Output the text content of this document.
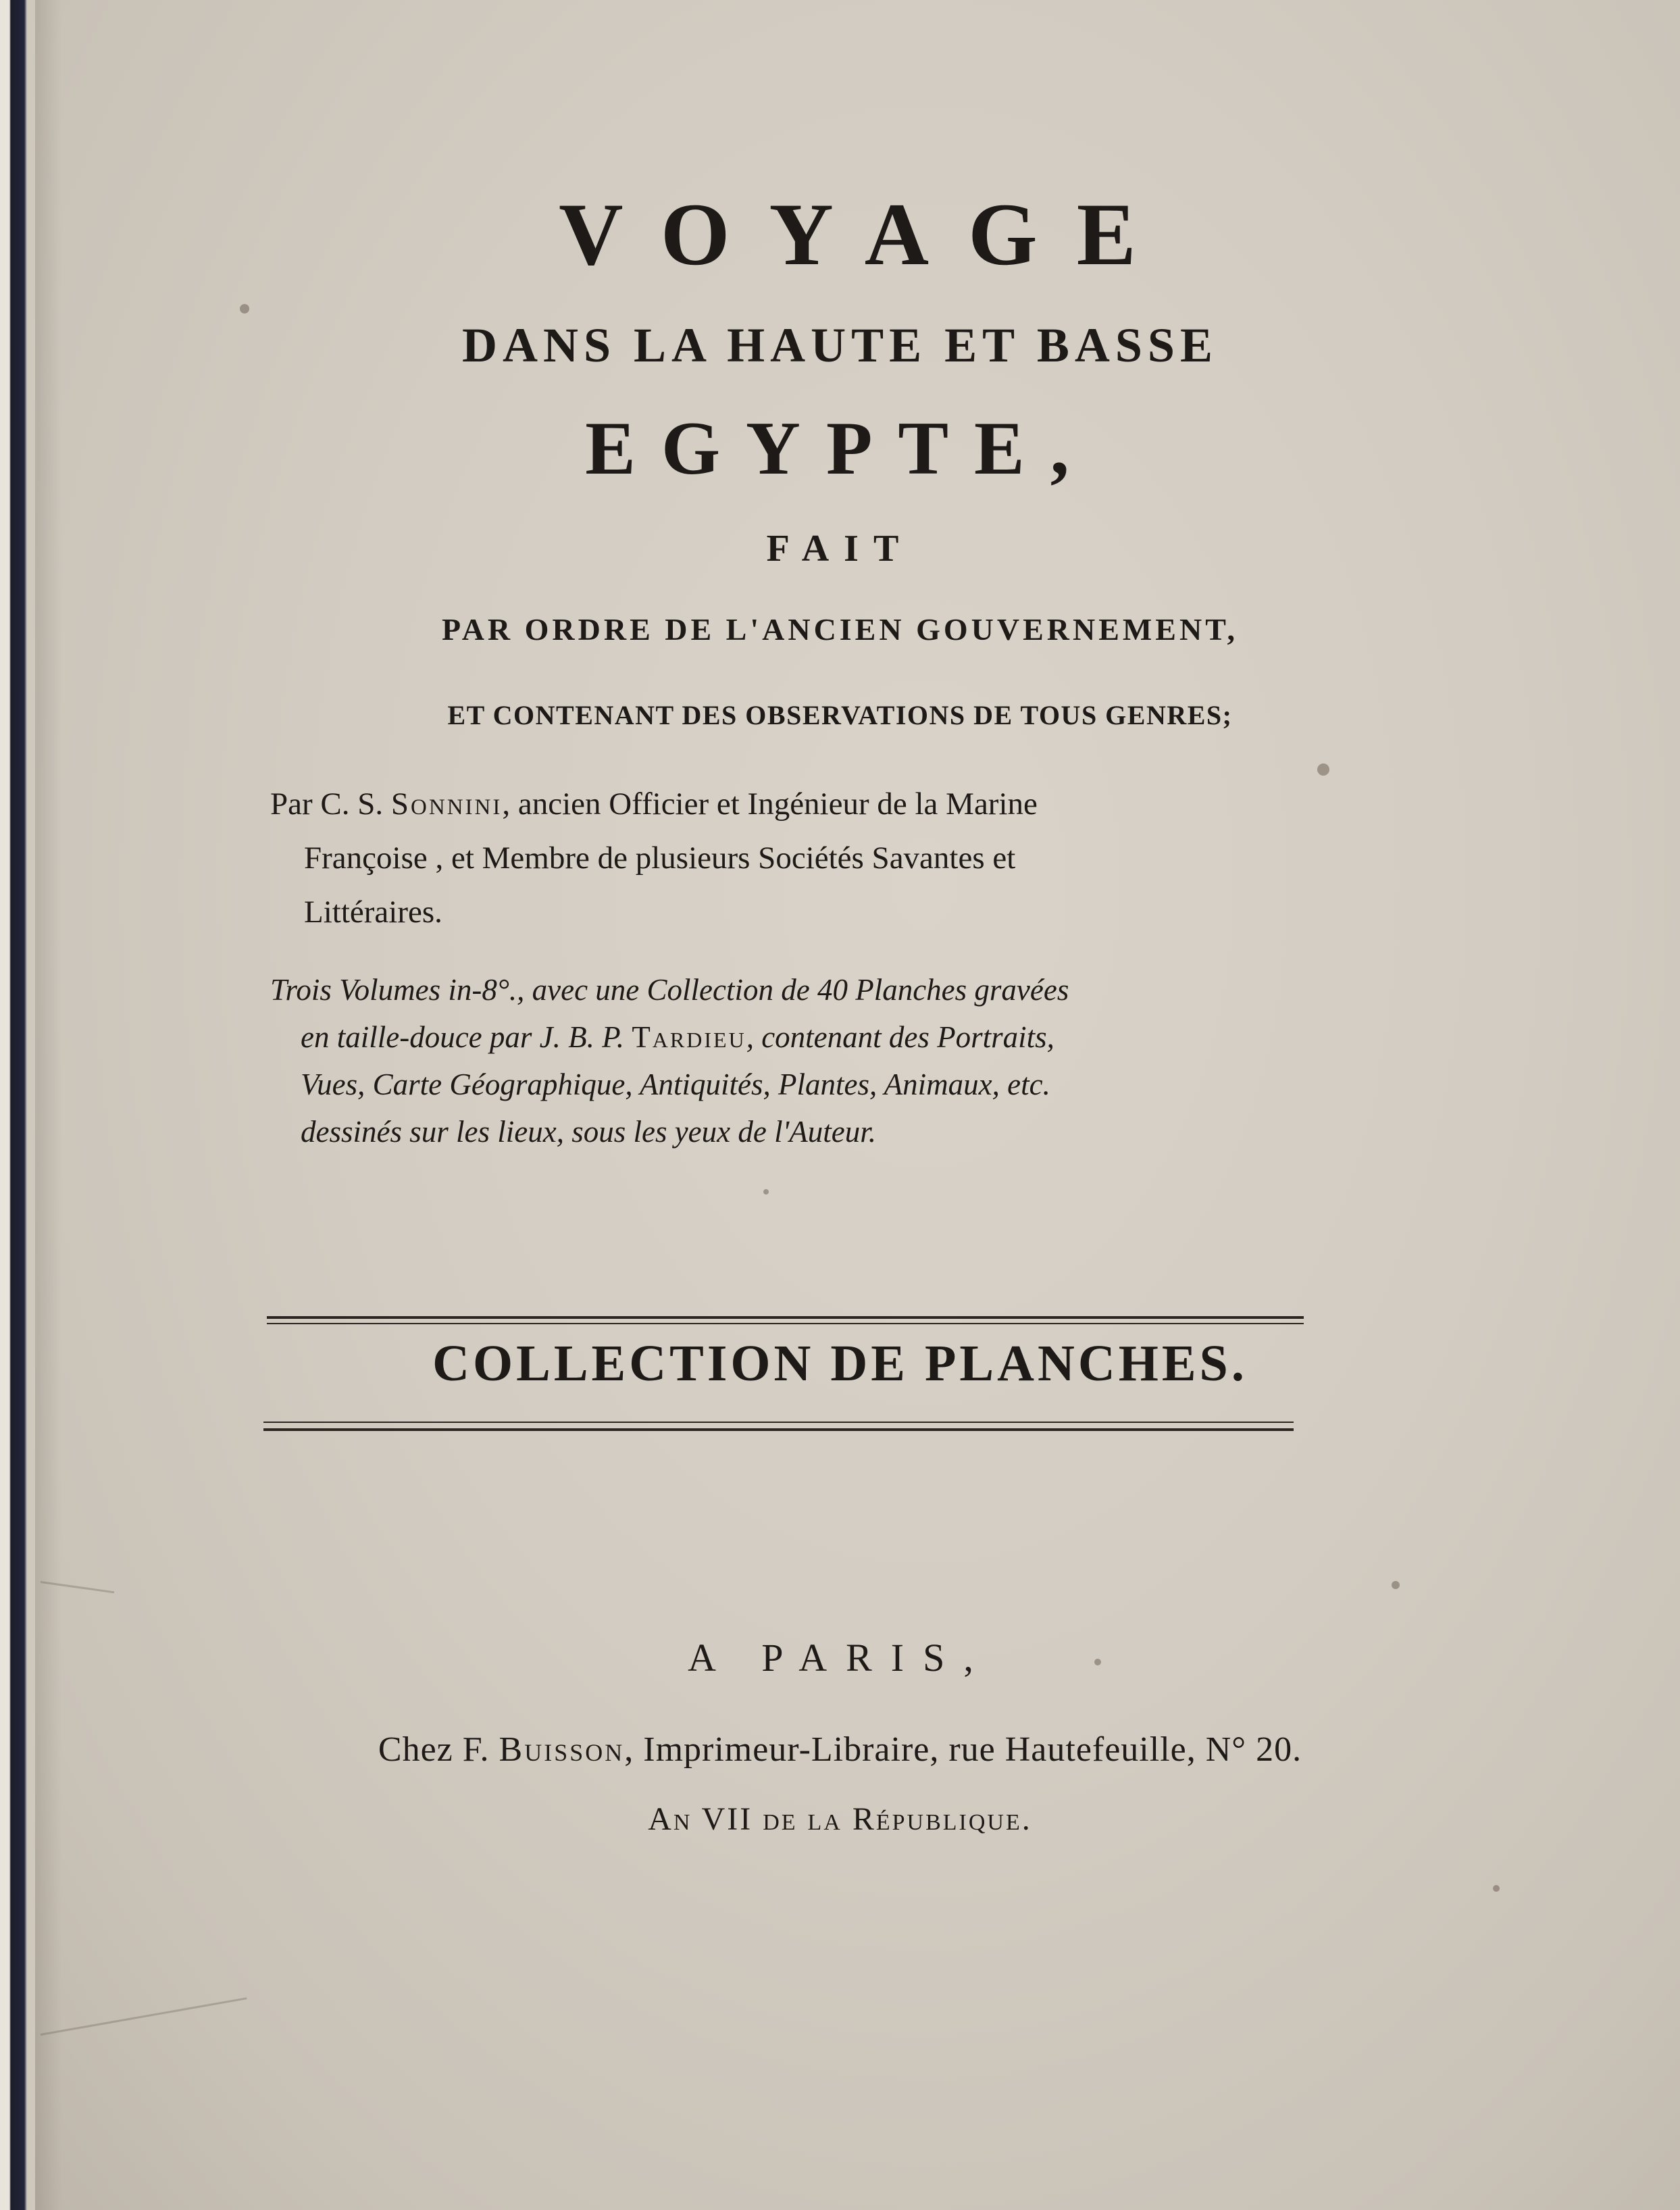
VOYAGE
DANS LA HAUTE ET BASSE
EGYPTE,
FAIT
PAR ORDRE DE L'ANCIEN GOUVERNEMENT,
ET CONTENANT DES OBSERVATIONS DE TOUS GENRES;
Par C. S. Sonnini, ancien Officier et Ingénieur de la Marine
Françoise , et Membre de plusieurs Sociétés Savantes et
Littéraires.
Trois Volumes in-8°., avec une Collection de 40 Planches gravées
en taille-douce par J. B. P. Tardieu, contenant des Portraits,
Vues, Carte Géographique, Antiquités, Plantes, Animaux, etc.
dessinés sur les lieux, sous les yeux de l'Auteur.
COLLECTION DE PLANCHES.
A PARIS,
Chez F. Buisson, Imprimeur-Libraire, rue Hautefeuille, N° 20.
An VII de la République.
